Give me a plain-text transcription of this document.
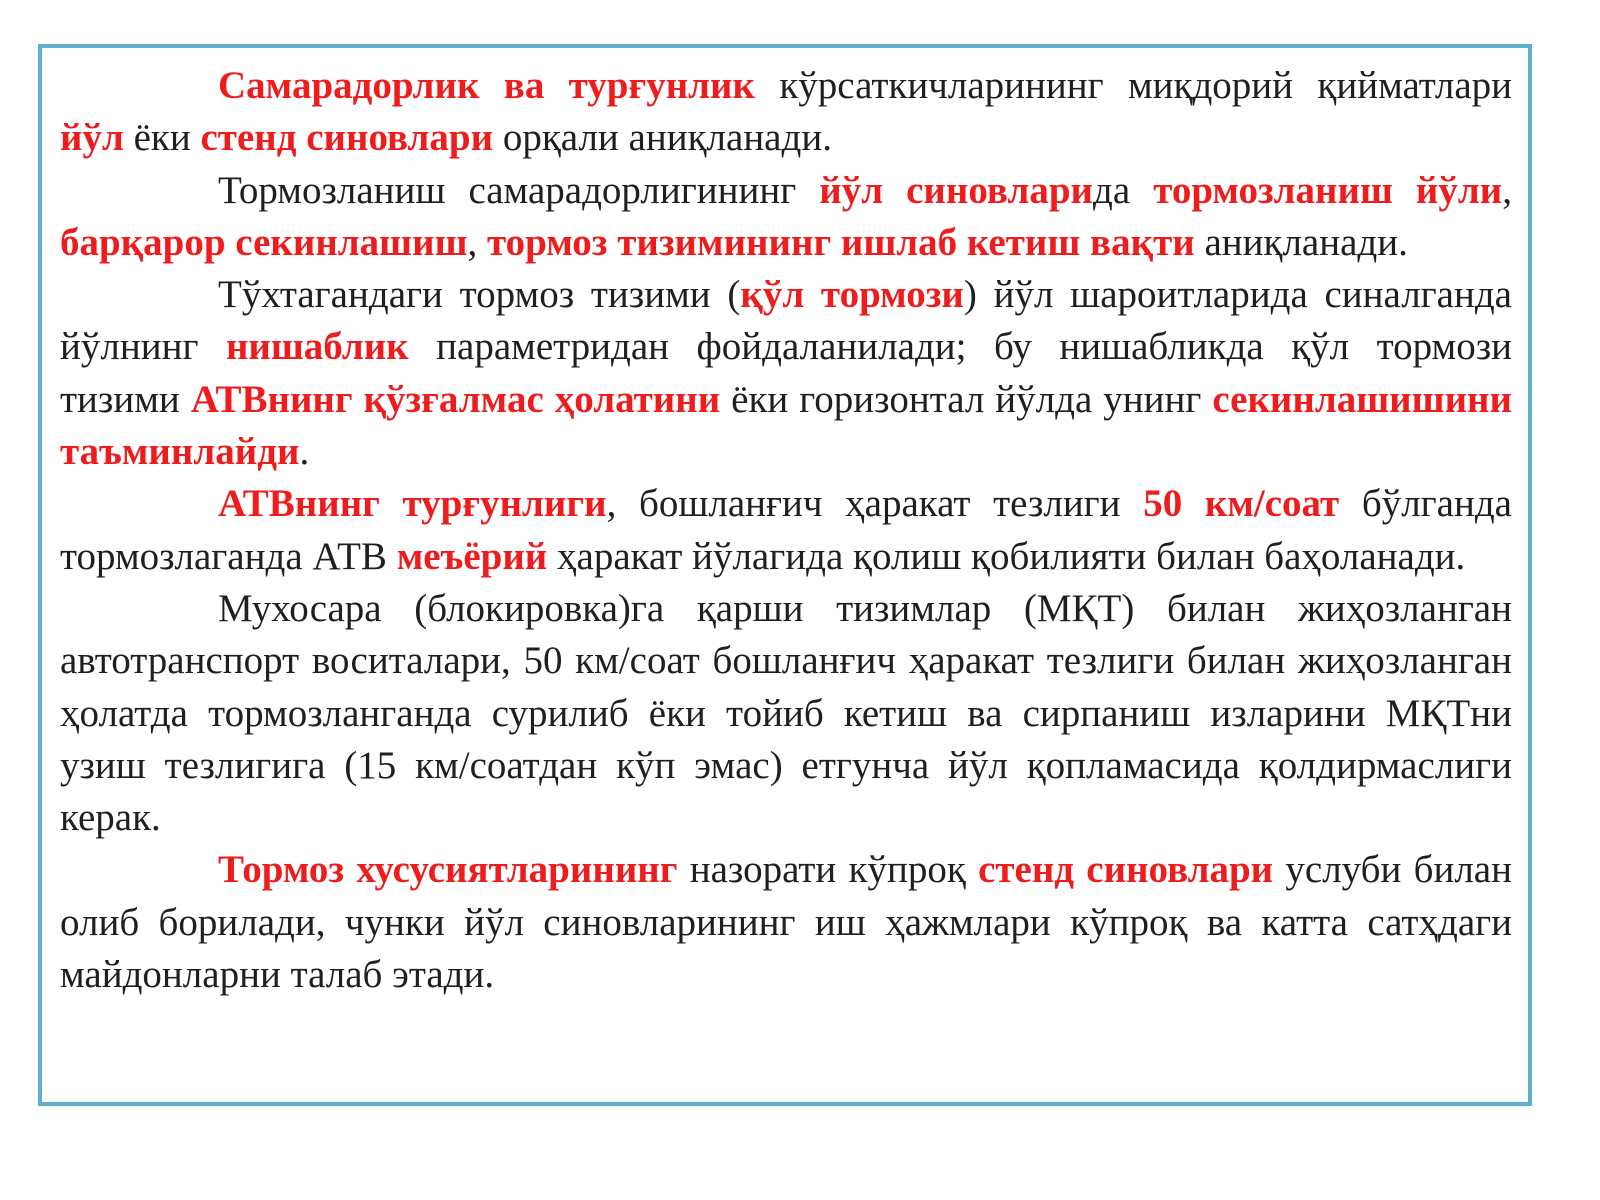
Самарадорлик ва турғунлик кўрсаткичларининг миқдорий қийматлари йўл ёки стенд синовлари орқали аниқланади.

Тормозланиш самарадорлигининг йўл синовларида тормозланиш йўли, барқарор секинлашиш, тормоз тизимининг ишлаб кетиш вақти аниқланади.

Тўхтагандаги тормоз тизими (қўл тормози) йўл шароитларида синалганда йўлнинг нишаблик параметридан фойдаланилади; бу нишабликда қўл тормози тизими АТВнинг қўзғалмас ҳолатини ёки горизонтал йўлда унинг секинлашишини таъминлайди.

АТВнинг турғунлиги, бошланғич ҳаракат тезлиги 50 км/соат бўлганда тормозлаганда АТВ меъёрий ҳаракат йўлагида қолиш қобилияти билан баҳоланади.

Мухосара (блокировка)га қарши тизимлар (МҚТ) билан жиҳозланган автотранспорт воситалари, 50 км/соат бошланғич ҳаракат тезлиги билан жиҳозланган ҳолатда тормозланганда сурилиб ёки тойиб кетиш ва сирпаниш изларини МҚТни узиш тезлигига (15 км/соатдан кўп эмас) етгунча йўл қопламасида қолдирмаслиги керак.

Тормоз хусусиятларининг назорати кўпроқ стенд синовлари услуби билан олиб борилади, чунки йўл синовларининг иш ҳажмлари кўпроқ ва катта сатҳдаги майдонларни талаб этади.
